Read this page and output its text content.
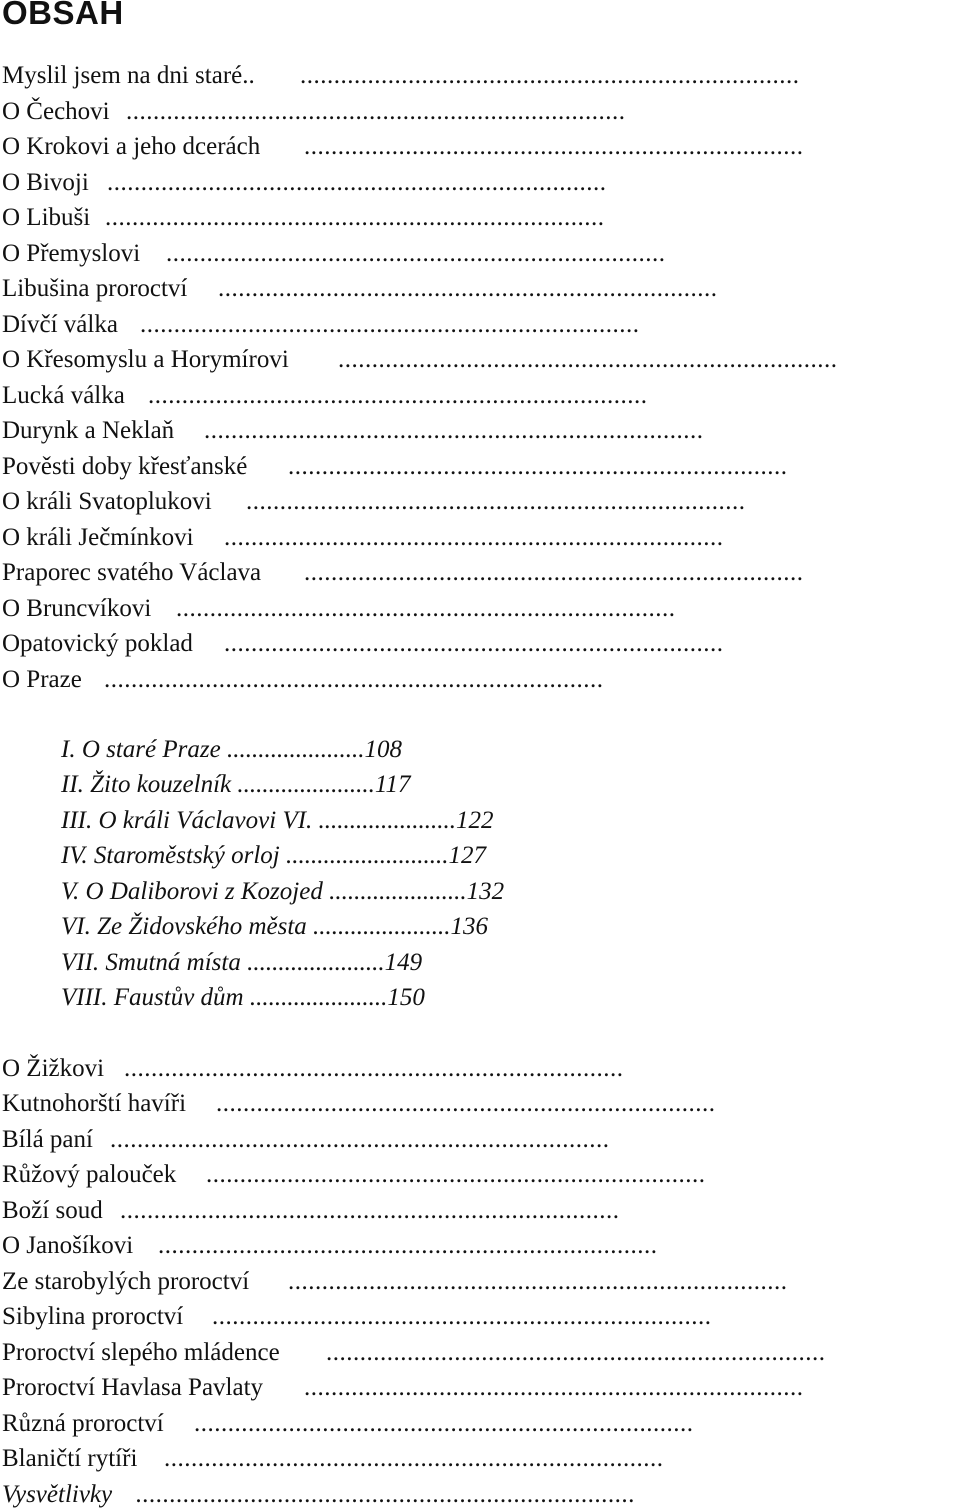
OBSAH
Myslil jsem na dni staré.. ..........................................................................
O Čechovi ..........................................................................
O Krokovi a jeho dcerách ..........................................................................
O Bivoji ..........................................................................
O Libuši ..........................................................................
O Přemyslovi ..........................................................................
Libušina proroctví ..........................................................................
Dívčí válka ..........................................................................
O Křesomyslu a Horymírovi ..........................................................................
Lucká válka ..........................................................................
Durynk a Neklaň ..........................................................................
Pověsti doby křesťanské ..........................................................................
O králi Svatoplukovi ..........................................................................
O králi Ječmínkovi ..........................................................................
Praporec svatého Václava ..........................................................................
O Bruncvíkovi ..........................................................................
Opatovický poklad ..........................................................................
O Praze ..........................................................................
I. O staré Praze ......................108
II. Žito kouzelník ......................117
III. O králi Václavovi VI. ......................122
IV. Staroměstský orloj ..........................127
V. O Daliborovi z Kozojed ......................132
VI. Ze Židovského města ......................136
VII. Smutná místa ......................149
VIII. Faustův dům ......................150
O Žižkovi ..........................................................................
Kutnohorští havíři ..........................................................................
Bílá paní ..........................................................................
Růžový palouček ..........................................................................
Boží soud ..........................................................................
O Janošíkovi ..........................................................................
Ze starobylých proroctví ..........................................................................
Sibylina proroctví ..........................................................................
Proroctví slepého mládence ..........................................................................
Proroctví Havlasa Pavlaty ..........................................................................
Různá proroctví ..........................................................................
Blaničtí rytíři ..........................................................................
Vysvětlivky ..........................................................................
